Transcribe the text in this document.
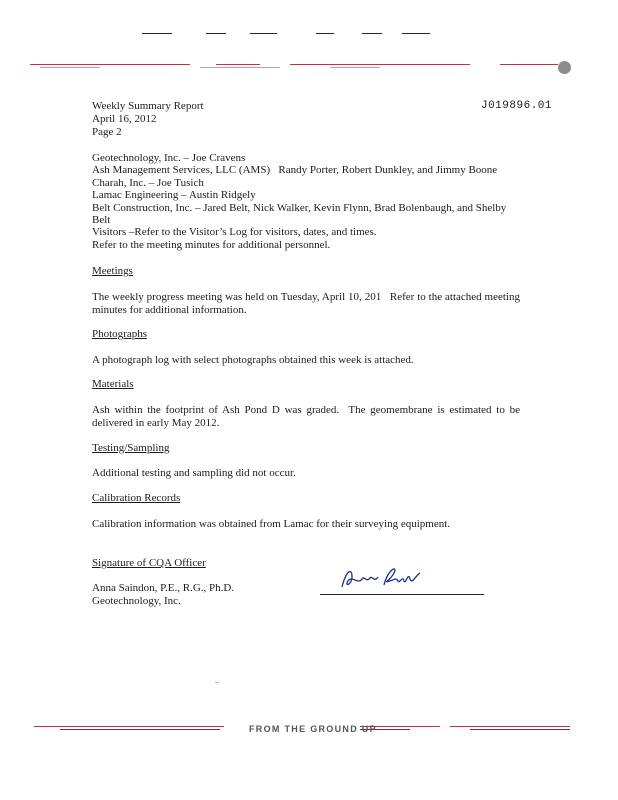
Weekly Summary Report
April 16, 2012
Page 2
J019896.01
Geotechnology, Inc. – Joe Cravens
Ash Management Services, LLC (AMS)   Randy Porter, Robert Dunkley, and Jimmy Boone
Charah, Inc. – Joe Tusich
Lamac Engineering – Austin Ridgely
Belt Construction, Inc. – Jared Belt, Nick Walker, Kevin Flynn, Brad Bolenbaugh, and Shelby Belt
Visitors –Refer to the Visitor’s Log for visitors, dates, and times.
Refer to the meeting minutes for additional personnel.
Meetings
The weekly progress meeting was held on Tuesday, April 10, 201   Refer to the attached meeting minutes for additional information.
Photographs
A photograph log with select photographs obtained this week is attached.
Materials
Ash within the footprint of Ash Pond D was graded.  The geomembrane is estimated to be delivered in early May 2012.
Testing/Sampling
Additional testing and sampling did not occur.
Calibration Records
Calibration information was obtained from Lamac for their surveying equipment.
Signature of CQA Officer
Anna Saindon, P.E., R.G., Ph.D.
Geotechnology, Inc.
FROM THE GROUND UP
